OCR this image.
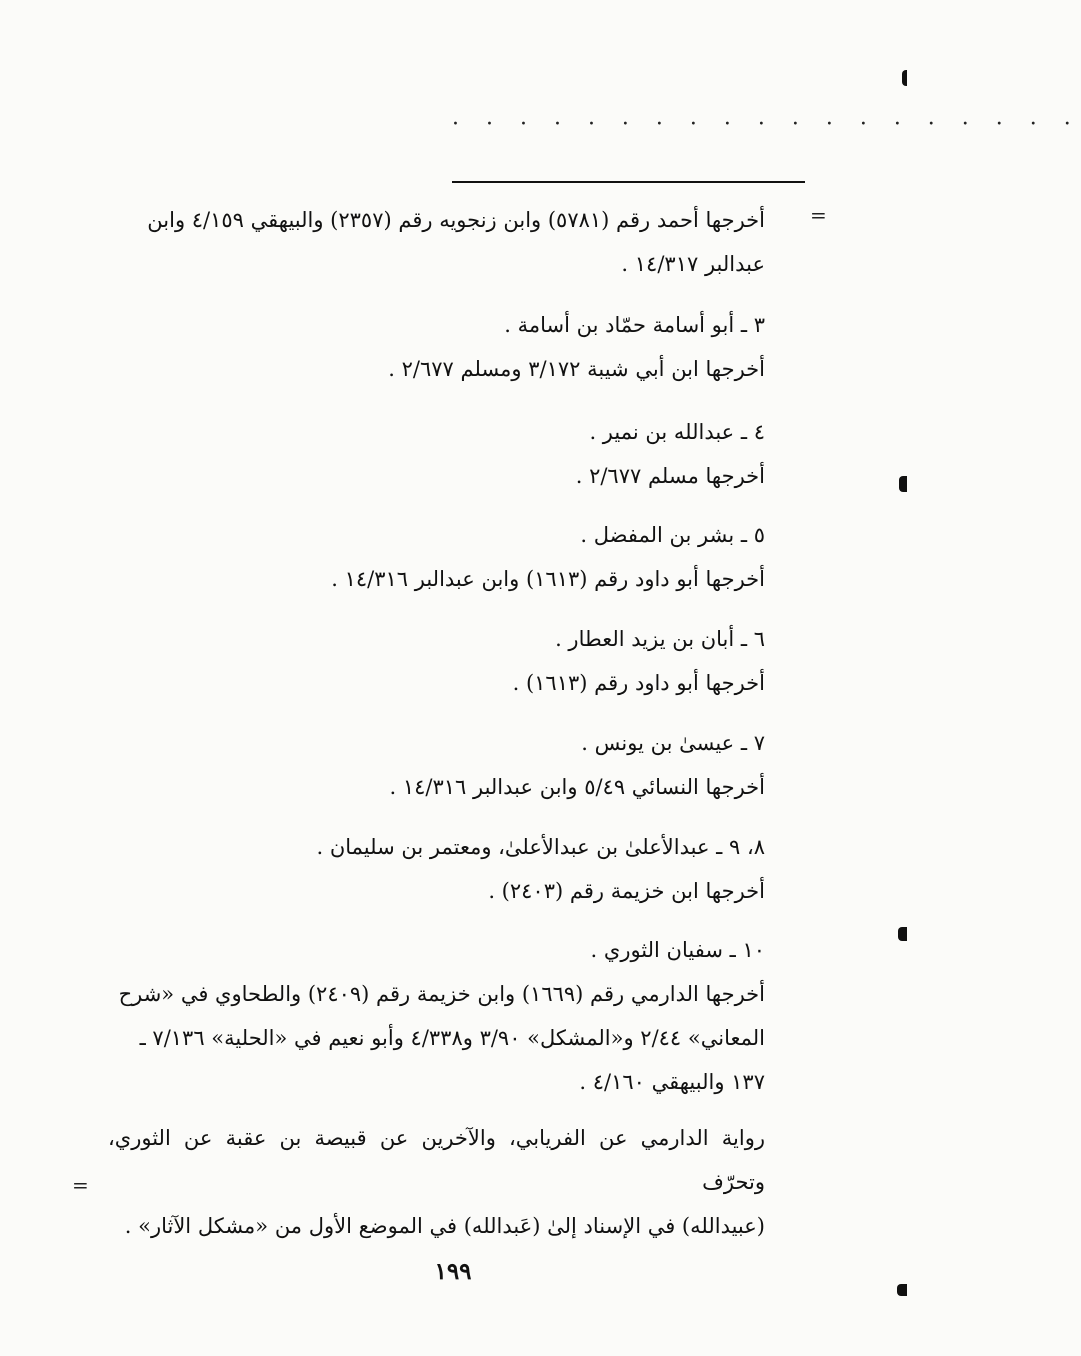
· · · · · · · · · · · · · · · · · · ·
=
=

أخرجها أحمد رقم (٥٧٨١) وابن زنجويه رقم (٢٣٥٧) والبيهقي ٤/١٥٩ وابن

عبدالبر ١٤/٣١٧ .

٣ ـ أبو أسامة حمّاد بن أسامة .

أخرجها ابن أبي شيبة ٣/١٧٢ ومسلم ٢/٦٧٧ .

٤ ـ عبدالله بن نمير .

أخرجها مسلم ٢/٦٧٧ .

٥ ـ بشر بن المفضل .

أخرجها أبو داود رقم (١٦١٣) وابن عبدالبر ١٤/٣١٦ .

٦ ـ أبان بن يزيد العطار .

أخرجها أبو داود رقم (١٦١٣) .

٧ ـ عيسىٰ بن يونس .

أخرجها النسائي ٥/٤٩ وابن عبدالبر ١٤/٣١٦ .

٨، ٩ ـ عبدالأعلىٰ بن عبدالأعلىٰ، ومعتمر بن سليمان .

أخرجها ابن خزيمة رقم (٢٤٠٣) .

١٠ ـ سفيان الثوري .

أخرجها الدارمي رقم (١٦٦٩) وابن خزيمة رقم (٢٤٠٩) والطحاوي في «شرح

المعاني» ٢/٤٤ و«المشكل» ٣/٩٠ و٤/٣٣٨ وأبو نعيم في «الحلية» ٧/١٣٦ ـ

١٣٧ والبيهقي ٤/١٦٠ .

رواية الدارمي عن الفريابي، والآخرين عن قبيصة بن عقبة عن الثوري، وتحرّف

(عبيدالله) في الإسناد إلىٰ (عَبدالله) في الموضع الأول من «مشكل الآثار» .

١٩٩
